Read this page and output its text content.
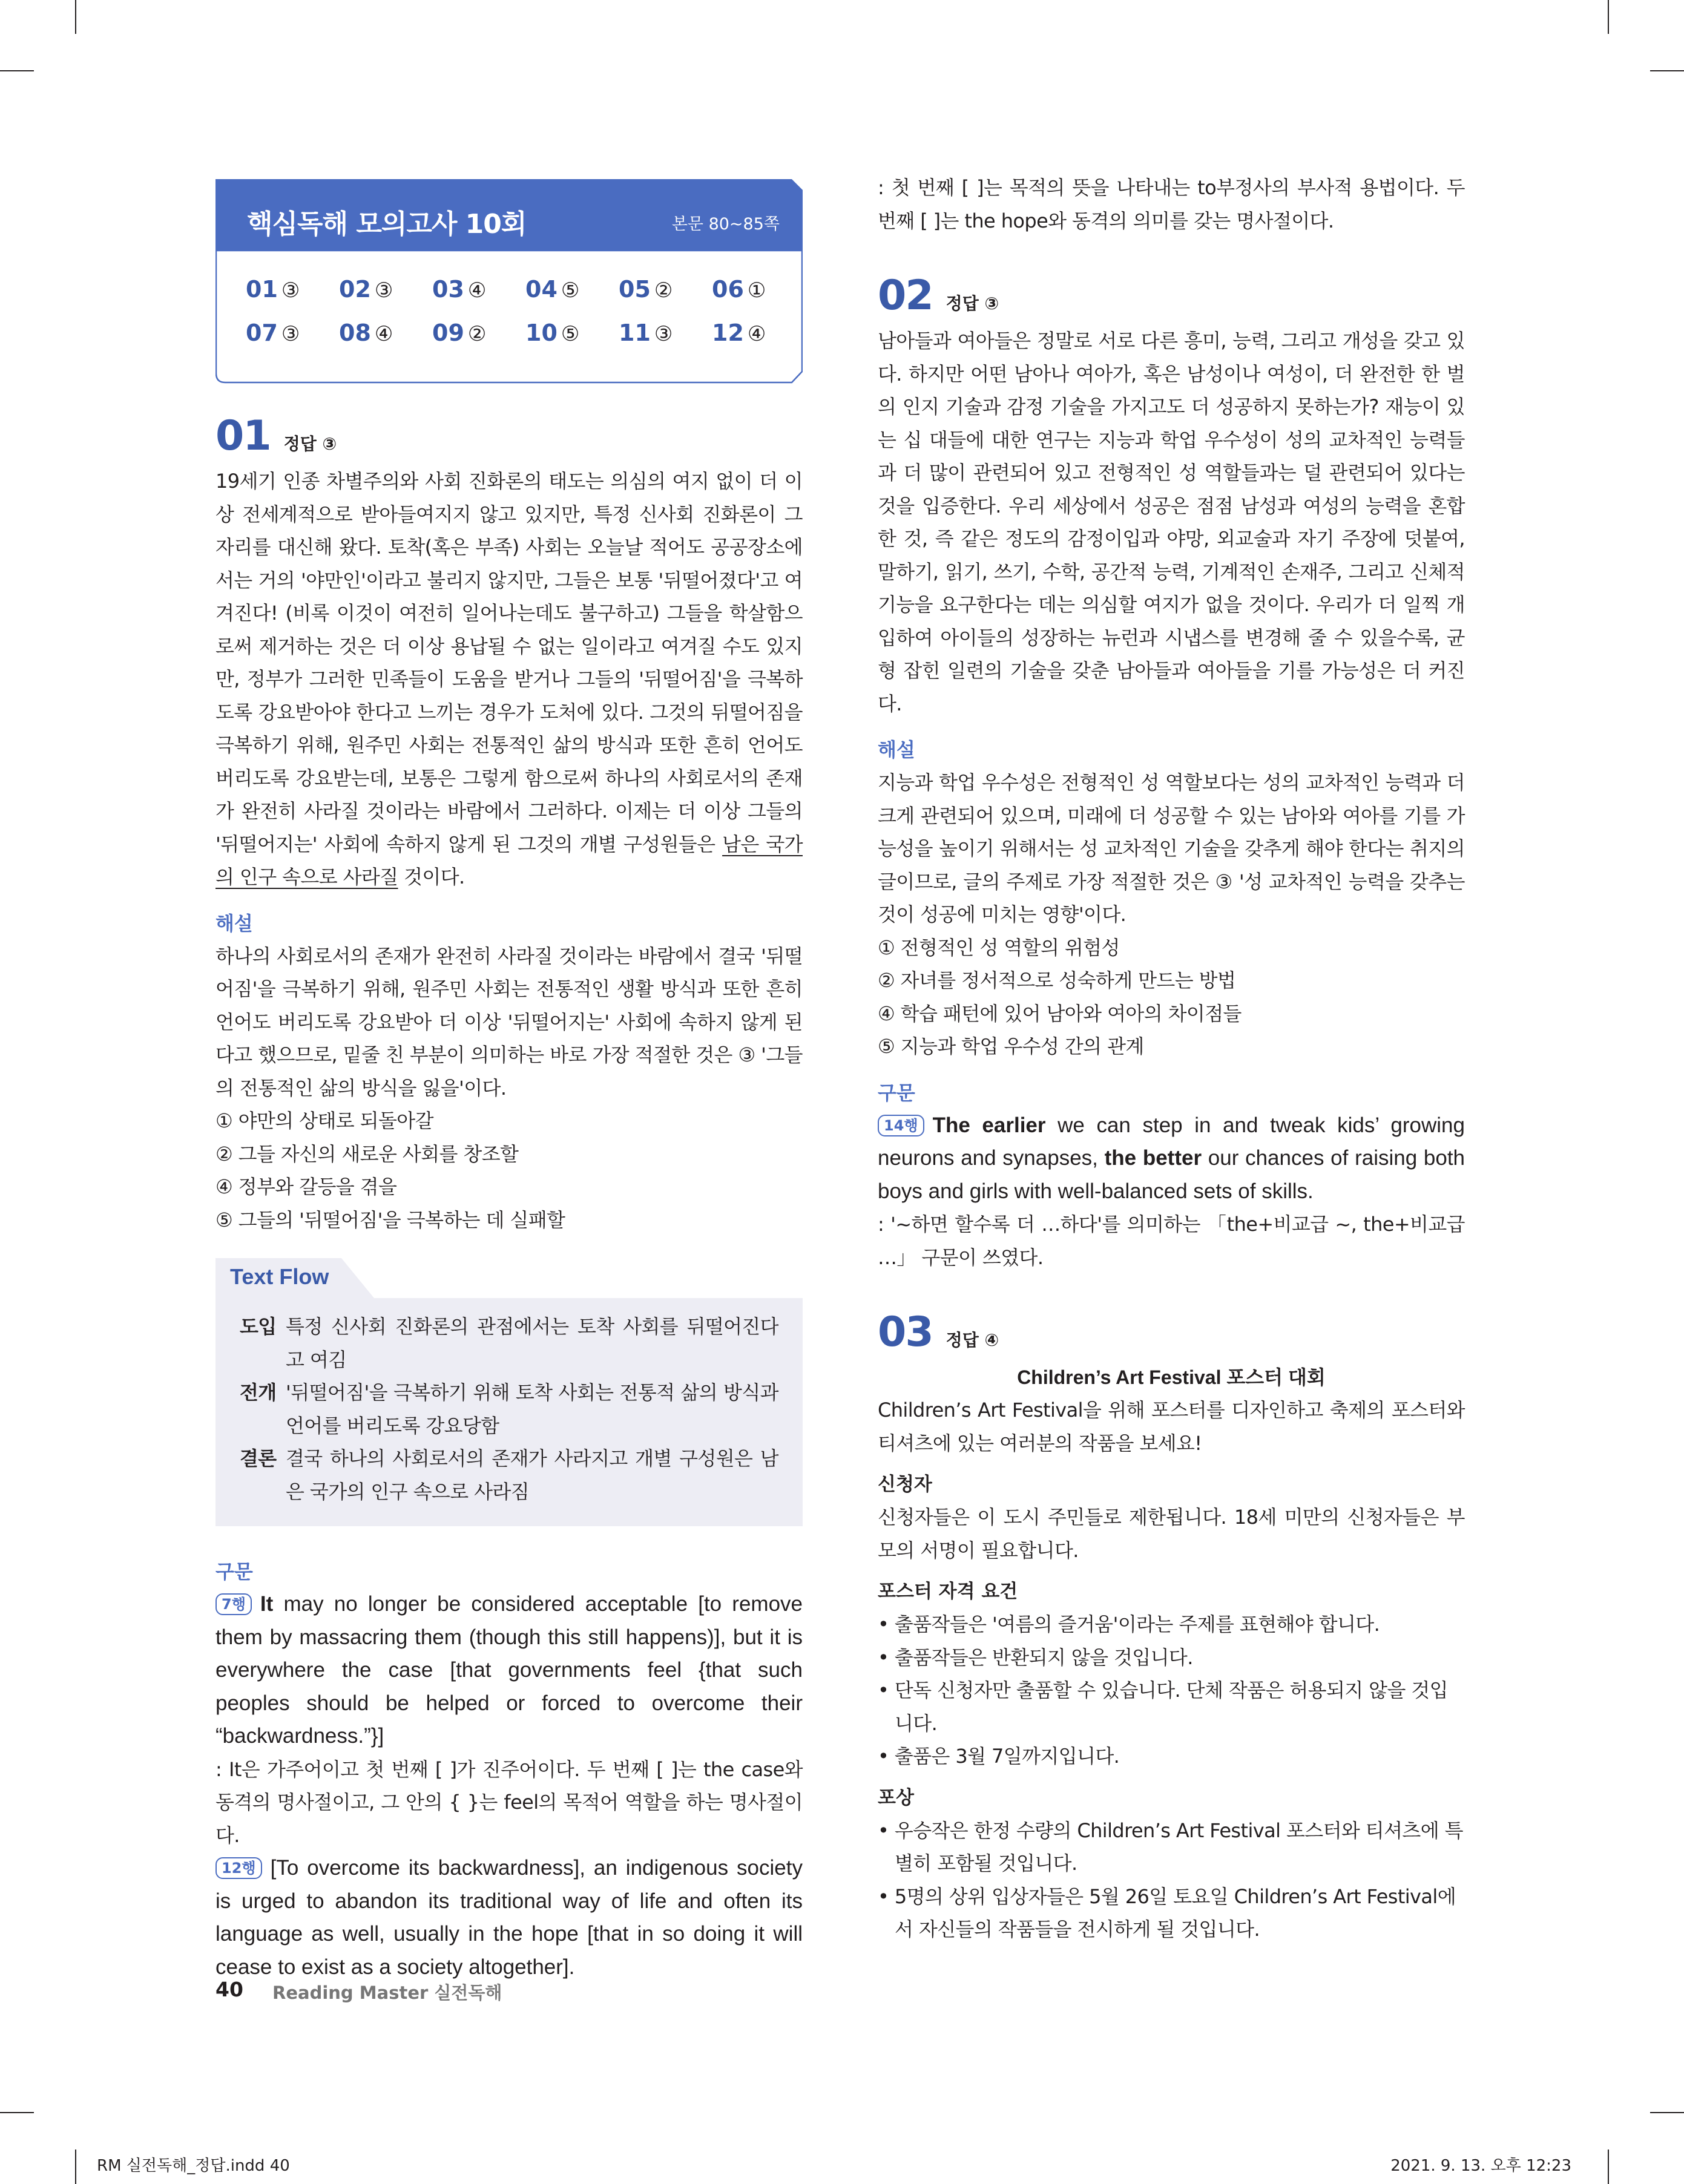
핵심독해 모의고사 10회	본문 80~85쪽
01 ③	02 ③	03 ④	04 ⑤	05 ②	06 ①
07 ③	08 ④	09 ②	10 ⑤	11 ③	12 ④
01 정답 ③

19세기 인종 차별주의와 사회 진화론의 태도는 의심의 여지 없이 더 이상 전세계적으로 받아들여지지 않고 있지만, 특정 신사회 진화론이 그 자리를 대신해 왔다. 토착(혹은 부족) 사회는 오늘날 적어도 공공장소에서는 거의 '야만인'이라고 불리지 않지만, 그들은 보통 '뒤떨어졌다'고 여겨진다! (비록 이것이 여전히 일어나는데도 불구하고) 그들을 학살함으로써 제거하는 것은 더 이상 용납될 수 없는 일이라고 여겨질 수도 있지만, 정부가 그러한 민족들이 도움을 받거나 그들의 '뒤떨어짐'을 극복하도록 강요받아야 한다고 느끼는 경우가 도처에 있다. 그것의 뒤떨어짐을 극복하기 위해, 원주민 사회는 전통적인 삶의 방식과 또한 흔히 언어도 버리도록 강요받는데, 보통은 그렇게 함으로써 하나의 사회로서의 존재가 완전히 사라질 것이라는 바람에서 그러하다. 이제는 더 이상 그들의 '뒤떨어지는' 사회에 속하지 않게 된 그것의 개별 구성원들은 남은 국가의 인구 속으로 사라질 것이다.

해설

하나의 사회로서의 존재가 완전히 사라질 것이라는 바람에서 결국 '뒤떨어짐'을 극복하기 위해, 원주민 사회는 전통적인 생활 방식과 또한 흔히 언어도 버리도록 강요받아 더 이상 '뒤떨어지는' 사회에 속하지 않게 된다고 했으므로, 밑줄 친 부분이 의미하는 바로 가장 적절한 것은 ③ '그들의 전통적인 삶의 방식을 잃을'이다.

① 야만의 상태로 되돌아갈
② 그들 자신의 새로운 사회를 창조할
④ 정부와 갈등을 겪을
⑤ 그들의 '뒤떨어짐'을 극복하는 데 실패할
Text Flow
도입 특정 신사회 진화론의 관점에서는 토착 사회를 뒤떨어진다고 여김
전개 '뒤떨어짐'을 극복하기 위해 토착 사회는 전통적 삶의 방식과 언어를 버리도록 강요당함
결론 결국 하나의 사회로서의 존재가 사라지고 개별 구성원은 남은 국가의 인구 속으로 사라짐
구문

7행 It may no longer be considered acceptable [to remove them by massacring them (though this still happens)], but it is everywhere the case [that governments feel {that such peoples should be helped or forced to overcome their “backwardness.”}]

: It은 가주어이고 첫 번째 [ ]가 진주어이다. 두 번째 [ ]는 the case와 동격의 명사절이고, 그 안의 { }는 feel의 목적어 역할을 하는 명사절이다.

12행 [To overcome its backwardness], an indigenous society is urged to abandon its traditional way of life and often its language as well, usually in the hope [that in so doing it will cease to exist as a society altogether].

: 첫 번째 [ ]는 목적의 뜻을 나타내는 to부정사의 부사적 용법이다. 두 번째 [ ]는 the hope와 동격의 의미를 갖는 명사절이다.

02 정답 ③

남아들과 여아들은 정말로 서로 다른 흥미, 능력, 그리고 개성을 갖고 있다. 하지만 어떤 남아나 여아가, 혹은 남성이나 여성이, 더 완전한 한 벌의 인지 기술과 감정 기술을 가지고도 더 성공하지 못하는가? 재능이 있는 십 대들에 대한 연구는 지능과 학업 우수성이 성의 교차적인 능력들과 더 많이 관련되어 있고 전형적인 성 역할들과는 덜 관련되어 있다는 것을 입증한다. 우리 세상에서 성공은 점점 남성과 여성의 능력을 혼합한 것, 즉 같은 정도의 감정이입과 야망, 외교술과 자기 주장에 덧붙여, 말하기, 읽기, 쓰기, 수학, 공간적 능력, 기계적인 손재주, 그리고 신체적 기능을 요구한다는 데는 의심할 여지가 없을 것이다. 우리가 더 일찍 개입하여 아이들의 성장하는 뉴런과 시냅스를 변경해 줄 수 있을수록, 균형 잡힌 일련의 기술을 갖춘 남아들과 여아들을 기를 가능성은 더 커진다.

해설

지능과 학업 우수성은 전형적인 성 역할보다는 성의 교차적인 능력과 더 크게 관련되어 있으며, 미래에 더 성공할 수 있는 남아와 여아를 기를 가능성을 높이기 위해서는 성 교차적인 기술을 갖추게 해야 한다는 취지의 글이므로, 글의 주제로 가장 적절한 것은 ③ '성 교차적인 능력을 갖추는 것이 성공에 미치는 영향'이다.

① 전형적인 성 역할의 위험성
② 자녀를 정서적으로 성숙하게 만드는 방법
④ 학습 패턴에 있어 남아와 여아의 차이점들
⑤ 지능과 학업 우수성 간의 관계
구문

14행 The earlier we can step in and tweak kids’ growing neurons and synapses, the better our chances of raising both boys and girls with well-balanced sets of skills.

: '~하면 할수록 더 …하다'를 의미하는 「the+비교급 ~, the+비교급 …」 구문이 쓰였다.

03 정답 ④
Children’s Art Festival 포스터 대회

Children’s Art Festival을 위해 포스터를 디자인하고 축제의 포스터와 티셔츠에 있는 여러분의 작품을 보세요!

신청자

신청자들은 이 도시 주민들로 제한됩니다. 18세 미만의 신청자들은 부모의 서명이 필요합니다.

포스터 자격 요건

• 출품작들은 '여름의 즐거움'이라는 주제를 표현해야 합니다.

• 출품작들은 반환되지 않을 것입니다.

• 단독 신청자만 출품할 수 있습니다. 단체 작품은 허용되지 않을 것입니다.

• 출품은 3월 7일까지입니다.

포상

• 우승작은 한정 수량의 Children’s Art Festival 포스터와 티셔츠에 특별히 포함될 것입니다.

• 5명의 상위 입상자들은 5월 26일 토요일 Children’s Art Festival에서 자신들의 작품들을 전시하게 될 것입니다.

40 Reading Master 실전독해
RM 실전독해_정답.indd 40	2021. 9. 13. 오후 12:23
